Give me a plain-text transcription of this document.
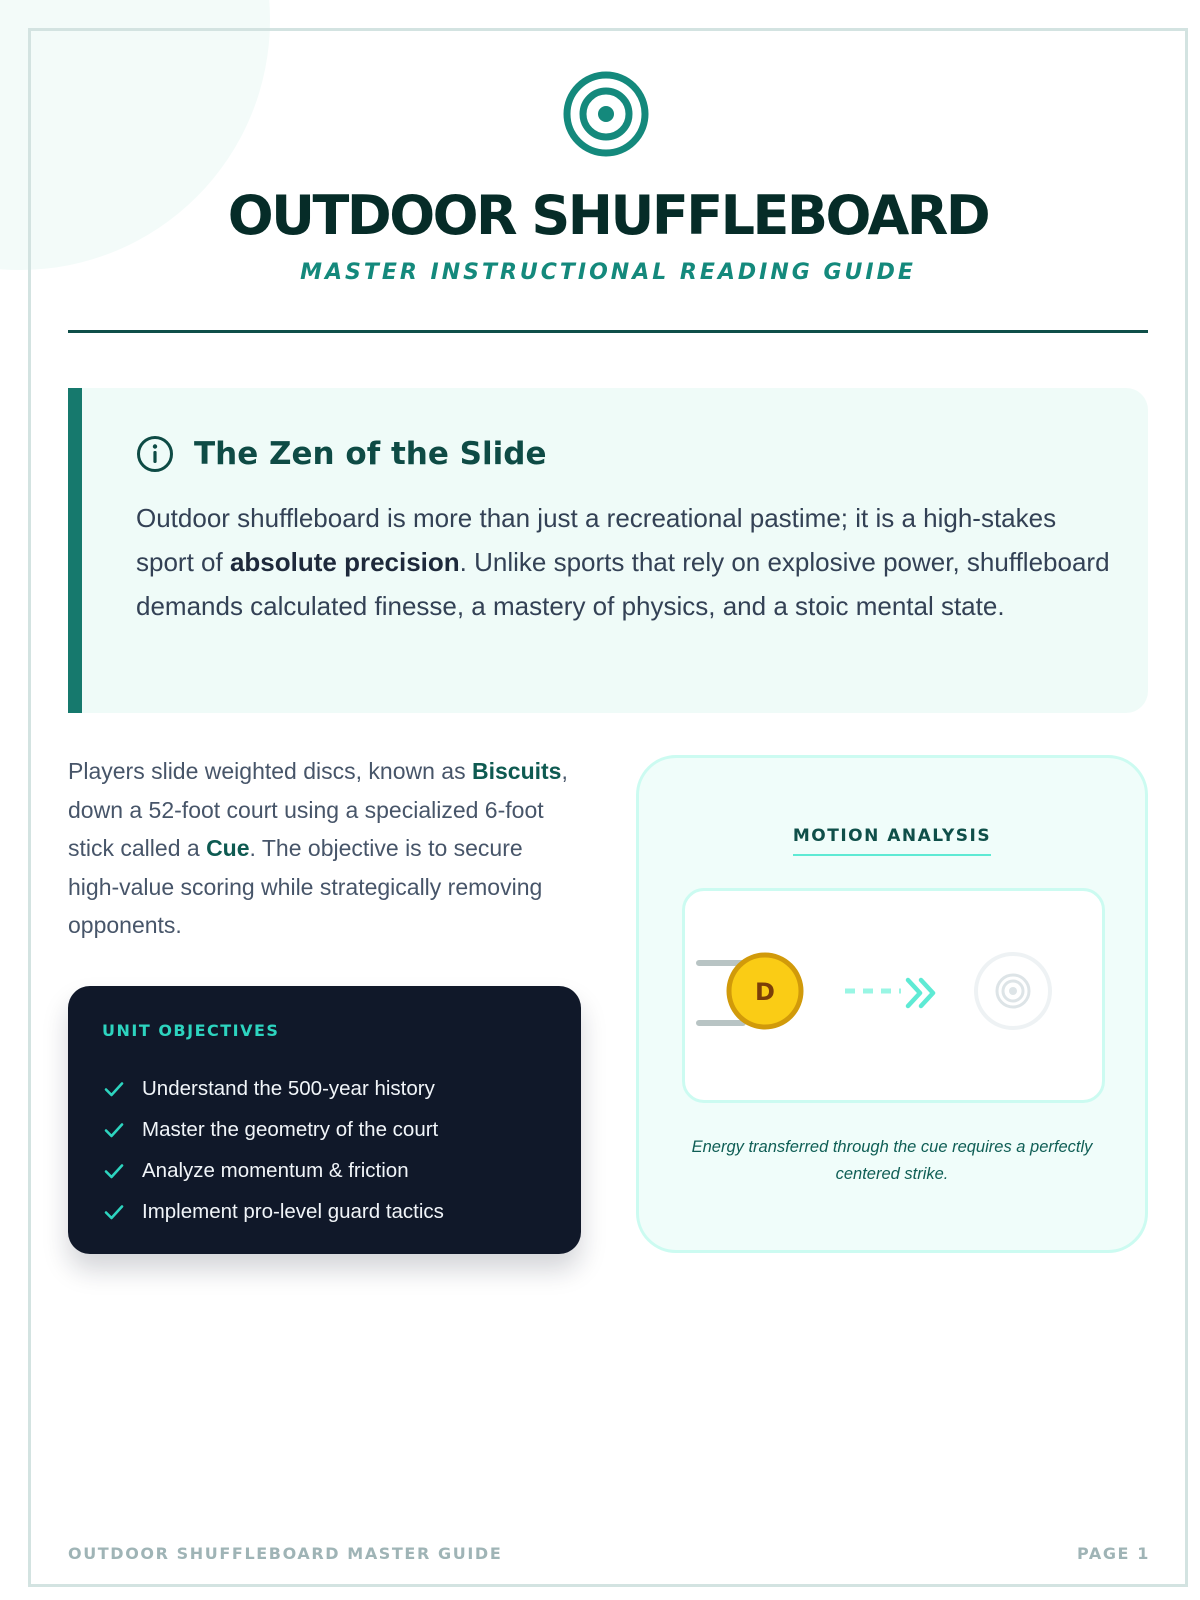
OUTDOOR SHUFFLEBOARD
MASTER INSTRUCTIONAL READING GUIDE
The Zen of the Slide

Outdoor shuffleboard is more than just a recreational pastime; it is a high-stakes sport of absolute precision. Unlike sports that rely on explosive power, shuffleboard demands calculated finesse, a mastery of physics, and a stoic mental state.

Players slide weighted discs, known as Biscuits, down a 52-foot court using a specialized 6-foot stick called a Cue. The objective is to secure high-value scoring while strategically removing opponents.

UNIT OBJECTIVES
Understand the 500-year history
Master the geometry of the court
Analyze momentum & friction
Implement pro-level guard tactics
MOTION ANALYSIS
D

Energy transferred through the cue requires a perfectly centered strike.

OUTDOOR SHUFFLEBOARD MASTER GUIDE	PAGE 1
